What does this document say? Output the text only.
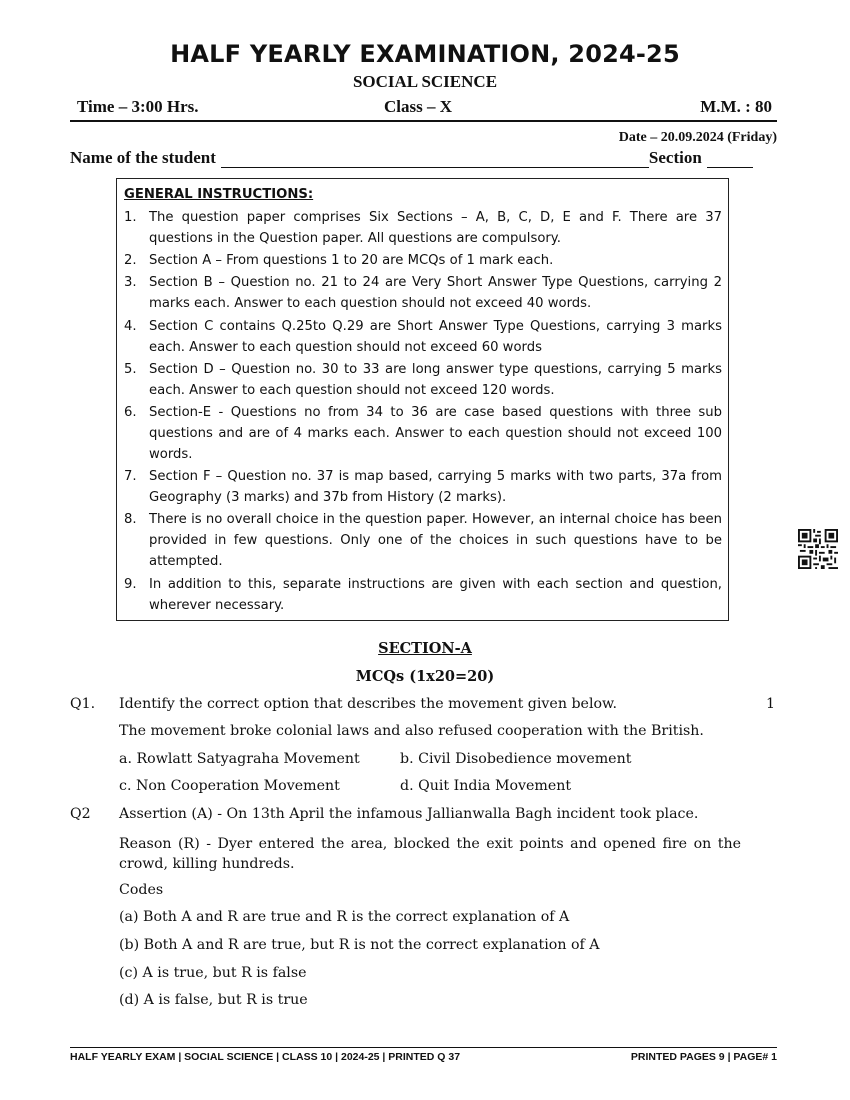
HALF YEARLY EXAMINATION, 2024-25
SOCIAL SCIENCE
Time – 3:00 Hrs.	Class – X	M.M. : 80
Date – 20.09.2024 (Friday)
Name of the student	Section
GENERAL INSTRUCTIONS:
1. The question paper comprises Six Sections – A, B, C, D, E and F. There are 37 questions in the Question paper. All questions are compulsory.
2. Section A – From questions 1 to 20 are MCQs of 1 mark each.
3. Section B – Question no. 21 to 24 are Very Short Answer Type Questions, carrying 2 marks each. Answer to each question should not exceed 40 words.
4. Section C contains Q.25to Q.29 are Short Answer Type Questions, carrying 3 marks each. Answer to each question should not exceed 60 words
5. Section D – Question no. 30 to 33 are long answer type questions, carrying 5 marks each. Answer to each question should not exceed 120 words.
6. Section-E - Questions no from 34 to 36 are case based questions with three sub questions and are of 4 marks each. Answer to each question should not exceed 100 words.
7. Section F – Question no. 37 is map based, carrying 5 marks with two parts, 37a from Geography (3 marks) and 37b from History (2 marks).
8. There is no overall choice in the question paper. However, an internal choice has been provided in few questions. Only one of the choices in such questions have to be attempted.
9. In addition to this, separate instructions are given with each section and question, wherever necessary.
SECTION-A
MCQs (1x20=20)
Q1. Identify the correct option that describes the movement given below.	1
The movement broke colonial laws and also refused cooperation with the British.
a. Rowlatt Satyagraha Movement	b. Civil Disobedience movement
c. Non Cooperation Movement	d. Quit India Movement
Q2 Assertion (A) - On 13th April the infamous Jallianwalla Bagh incident took place.
Reason (R) - Dyer entered the area, blocked the exit points and opened fire on the crowd, killing hundreds.
Codes
(a) Both A and R are true and R is the correct explanation of A
(b) Both A and R are true, but R is not the correct explanation of A
(c) A is true, but R is false
(d) A is false, but R is true
HALF YEARLY EXAM | SOCIAL SCIENCE | CLASS 10 | 2024-25 | PRINTED Q 37	PRINTED PAGES 9 | PAGE# 1
